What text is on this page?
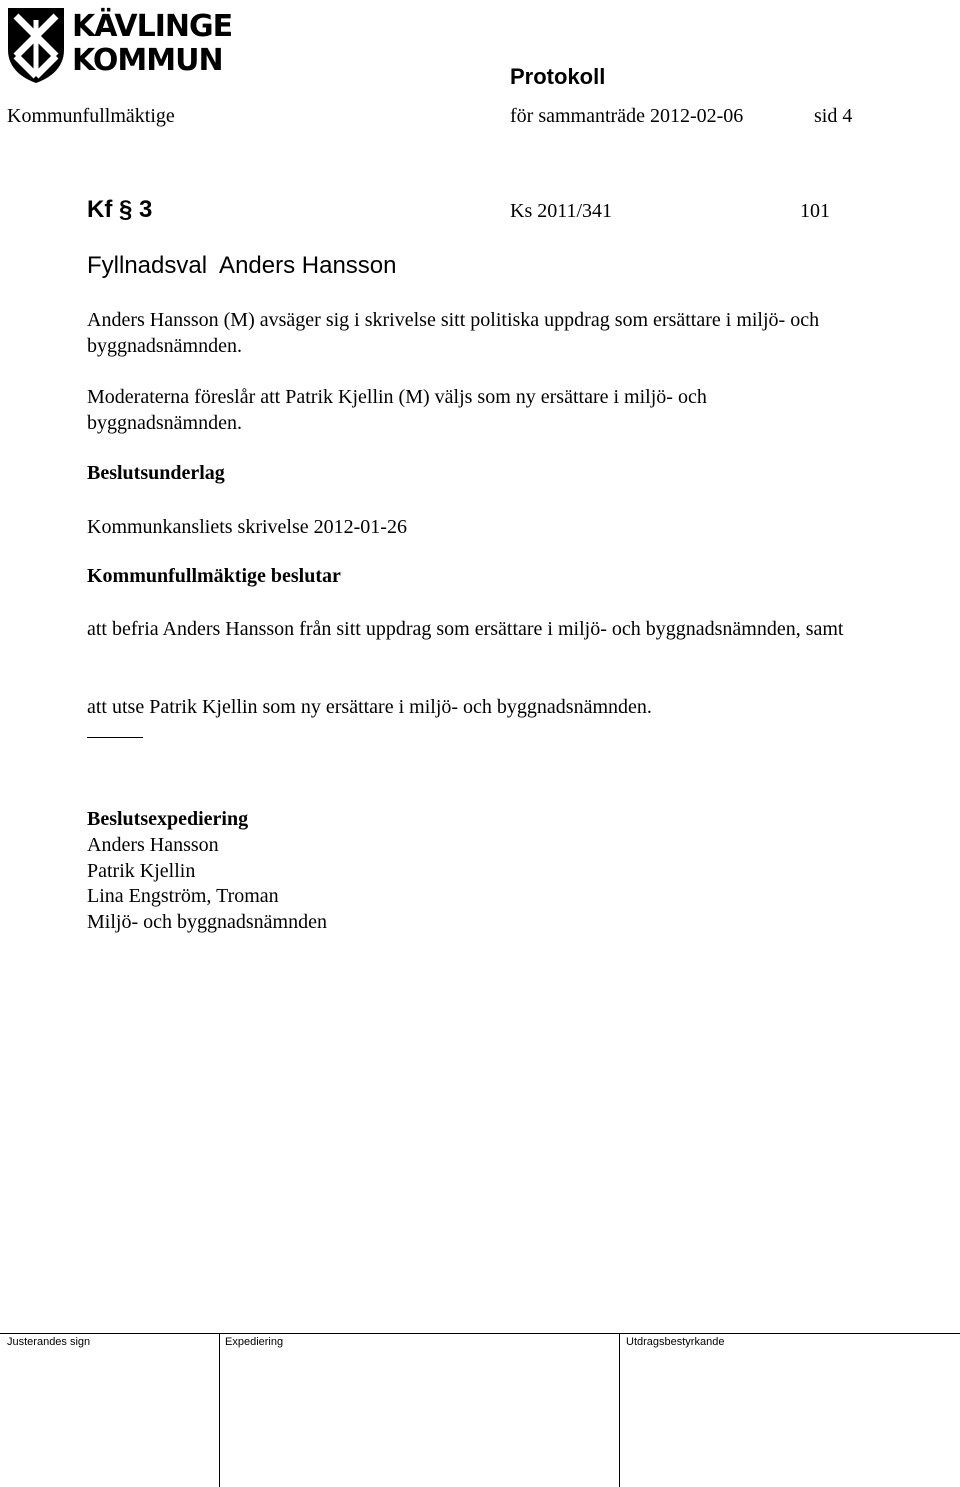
KÄVLINGE
KOMMUN	Protokoll
Kommunfullmäktige	för sammanträde 2012-02-06	sid 4
Kf § 3	Ks 2011/341	101
Fyllnadsval  Anders Hansson
Anders Hansson (M) avsäger sig i skrivelse sitt politiska uppdrag som ersättare i miljö- och byggnadsnämnden.
Moderaterna föreslår att Patrik Kjellin (M) väljs som ny ersättare i miljö- och byggnadsnämnden.
Beslutsunderlag
Kommunkansliets skrivelse 2012-01-26
Kommunfullmäktige beslutar
att befria Anders Hansson från sitt uppdrag som ersättare i miljö- och byggnadsnämnden, samt
att utse Patrik Kjellin som ny ersättare i miljö- och byggnadsnämnden.
Beslutsexpediering
Anders Hansson
Patrik Kjellin
Lina Engström, Troman
Miljö- och byggnadsnämnden
Justerandes sign	Expediering	Utdragsbestyrkande
